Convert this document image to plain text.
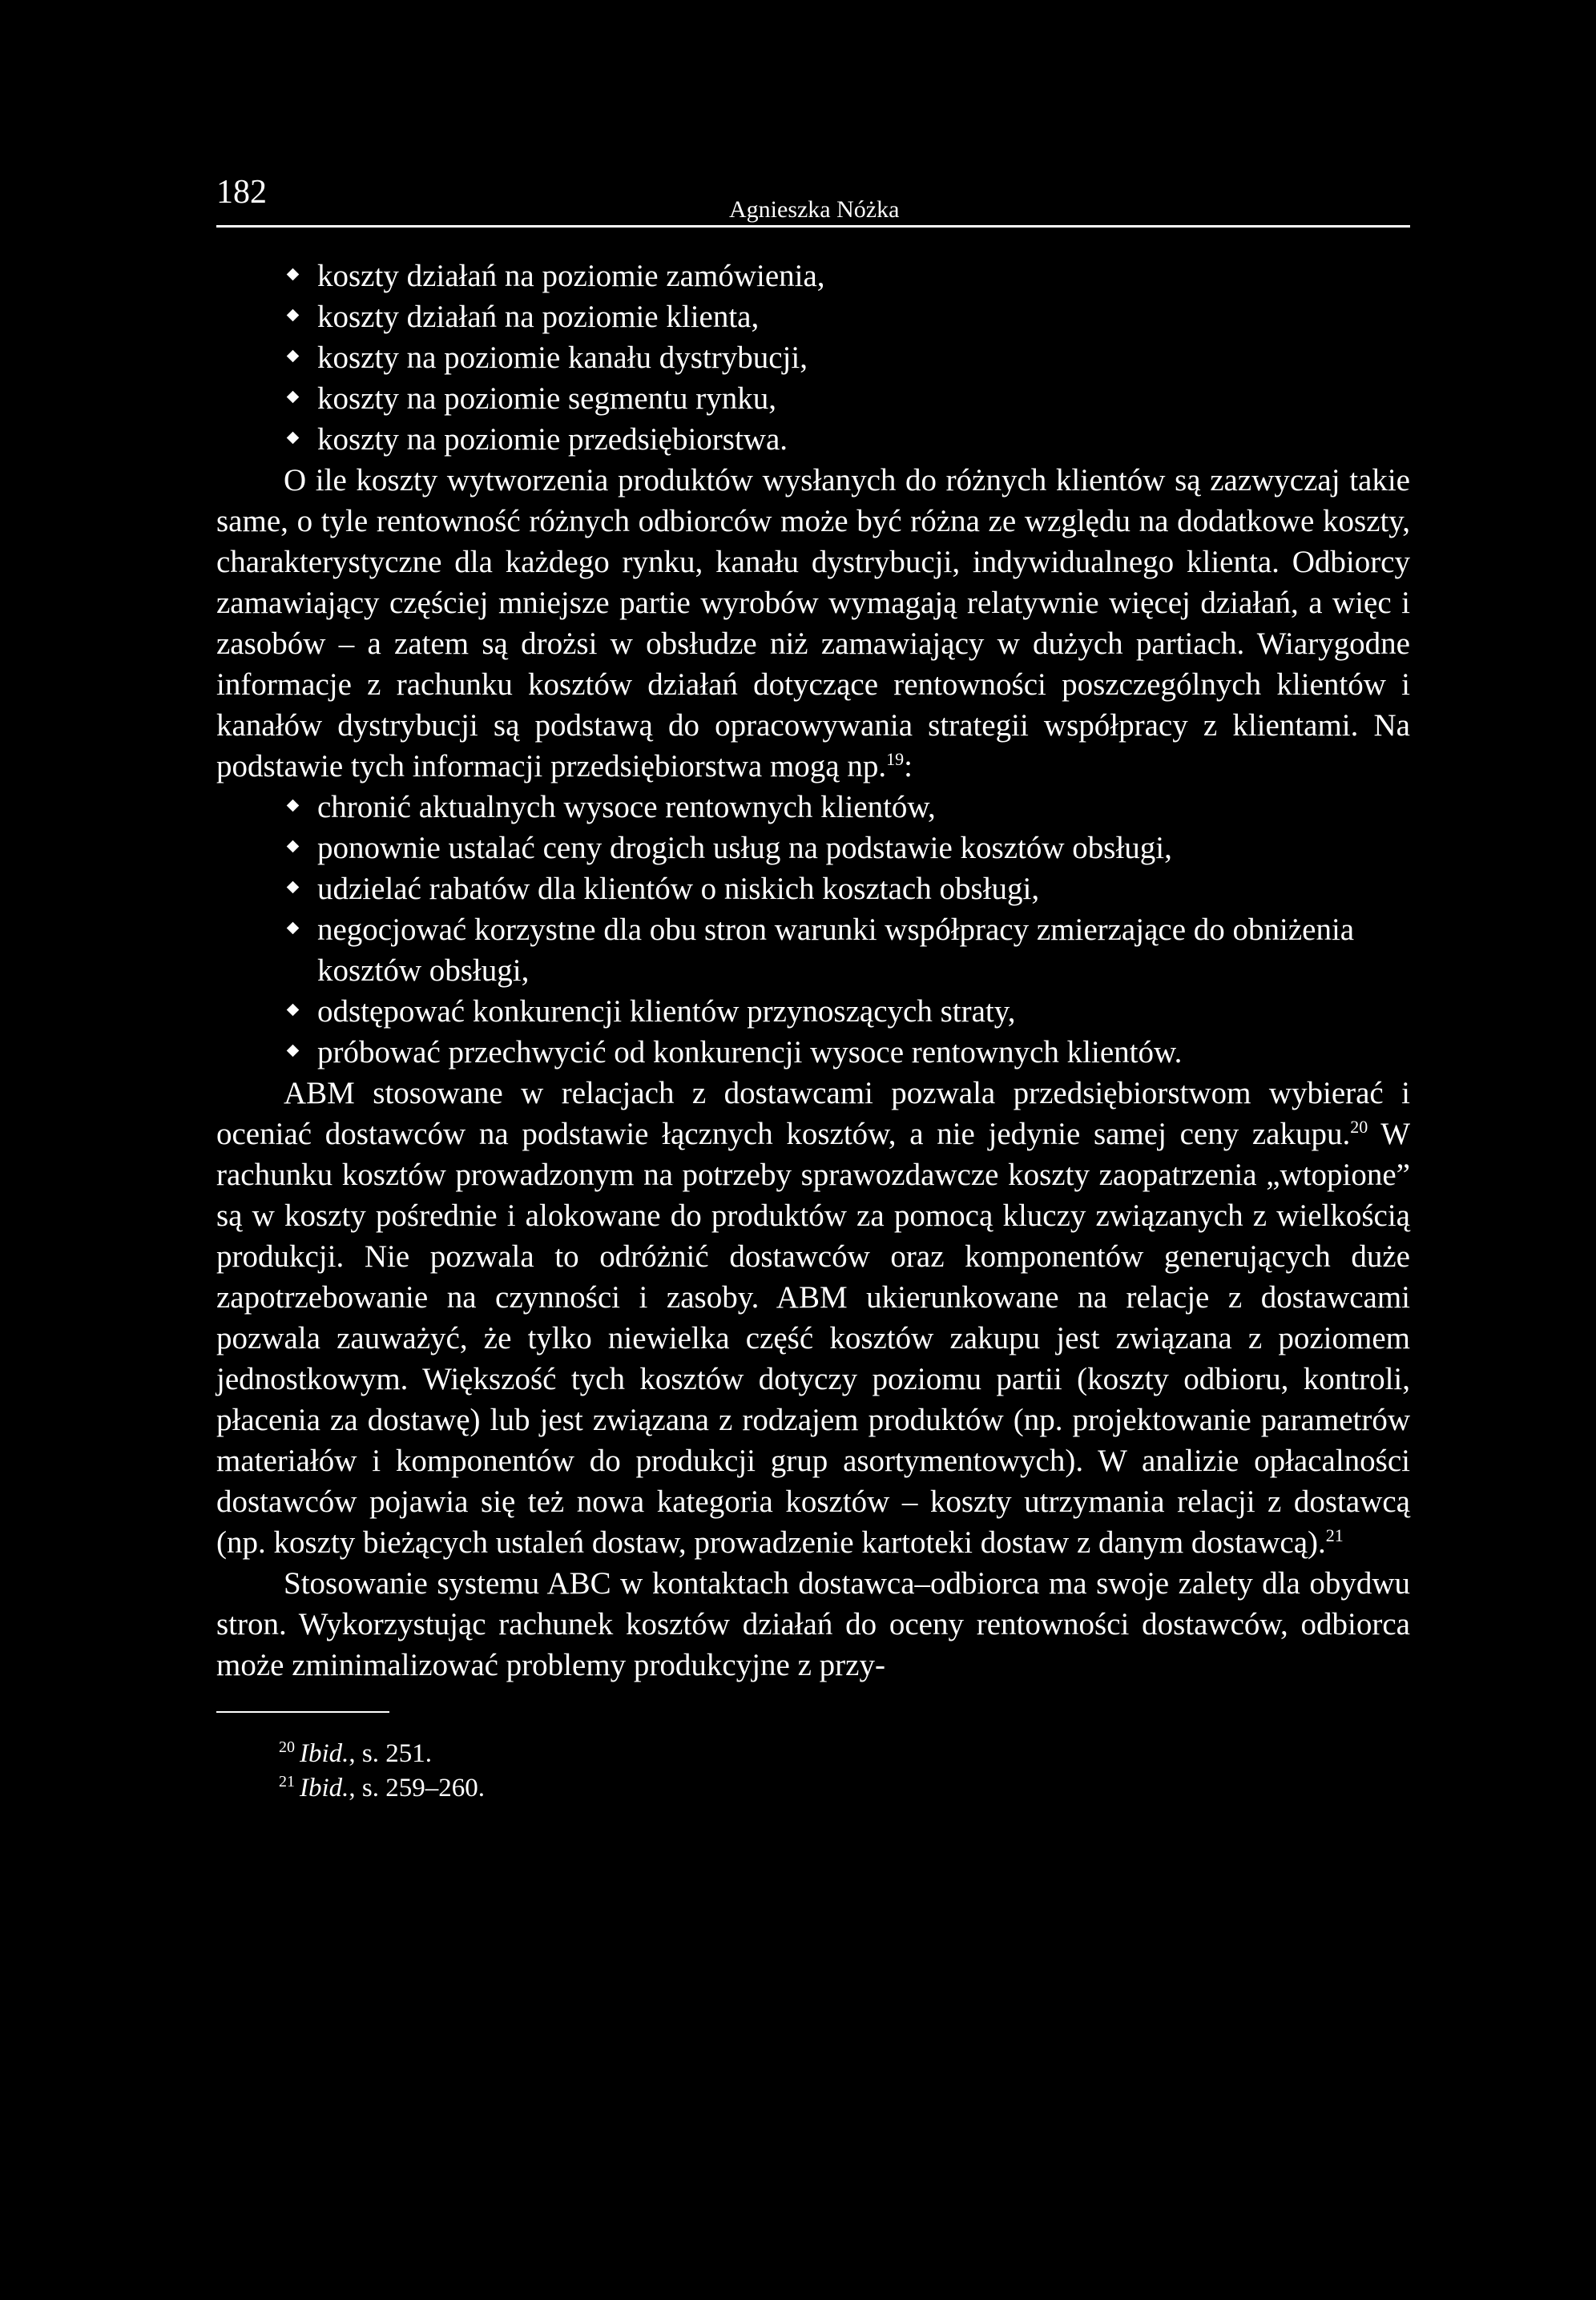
182	Agnieszka Nóżka
koszty działań na poziomie zamówienia,
koszty działań na poziomie klienta,
koszty na poziomie kanału dystrybucji,
koszty na poziomie segmentu rynku,
koszty na poziomie przedsiębiorstwa.

O ile koszty wytworzenia produktów wysłanych do różnych klientów są zazwyczaj takie same, o tyle rentowność różnych odbiorców może być różna ze względu na dodatkowe koszty, charakterystyczne dla każdego rynku, kanału dystrybucji, indywidualnego klienta. Odbiorcy zamawiający częściej mniejsze partie wyrobów wymagają relatywnie więcej działań, a więc i zasobów – a zatem są drożsi w obsłudze niż zamawiający w dużych partiach. Wiarygodne informacje z rachunku kosztów działań dotyczące rentowności poszczególnych klientów i kanałów dystrybucji są podstawą do opracowywania strategii współpracy z klientami. Na podstawie tych informacji przedsiębiorstwa mogą np.$^{19}$:

chronić aktualnych wysoce rentownych klientów,
ponownie ustalać ceny drogich usług na podstawie kosztów obsługi,
udzielać rabatów dla klientów o niskich kosztach obsługi,
negocjować korzystne dla obu stron warunki współpracy zmierzające do obniżenia kosztów obsługi,
odstępować konkurencji klientów przynoszących straty,
próbować przechwycić od konkurencji wysoce rentownych klientów.

ABM stosowane w relacjach z dostawcami pozwala przedsiębiorstwom wybierać i oceniać dostawców na podstawie łącznych kosztów, a nie jedynie samej ceny zakupu.$^{20}$ W rachunku kosztów prowadzonym na potrzeby sprawozdawcze koszty zaopatrzenia „wtopione” są w koszty pośrednie i alokowane do produktów za pomocą kluczy związanych z wielkością produkcji. Nie pozwala to odróżnić dostawców oraz komponentów generujących duże zapotrzebowanie na czynności i zasoby. ABM ukierunkowane na relacje z dostawcami pozwala zauważyć, że tylko niewielka część kosztów zakupu jest związana z poziomem jednostkowym. Większość tych kosztów dotyczy poziomu partii (koszty odbioru, kontroli, płacenia za dostawę) lub jest związana z rodzajem produktów (np. projektowanie parametrów materiałów i komponentów do produkcji grup asortymentowych). W analizie opłacalności dostawców pojawia się też nowa kategoria kosztów – koszty utrzymania relacji z dostawcą (np. koszty bieżących ustaleń dostaw, prowadzenie kartoteki dostaw z danym dostawcą).$^{21}$

Stosowanie systemu ABC w kontaktach dostawca–odbiorca ma swoje zalety dla obydwu stron. Wykorzystując rachunek kosztów działań do oceny rentowności dostawców, odbiorca może zminimalizować problemy produkcyjne z przy-

$^{20}$ Ibid., s. 251.
$^{21}$ Ibid., s. 259–260.
